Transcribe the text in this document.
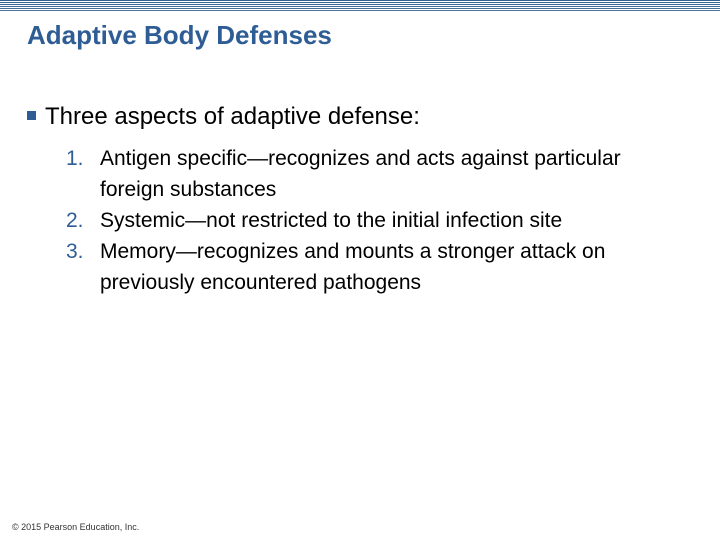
Adaptive Body Defenses
Three aspects of adaptive defense:
1. Antigen specific—recognizes and acts against particular foreign substances
2. Systemic—not restricted to the initial infection site
3. Memory—recognizes and mounts a stronger attack on previously encountered pathogens
© 2015 Pearson Education, Inc.
